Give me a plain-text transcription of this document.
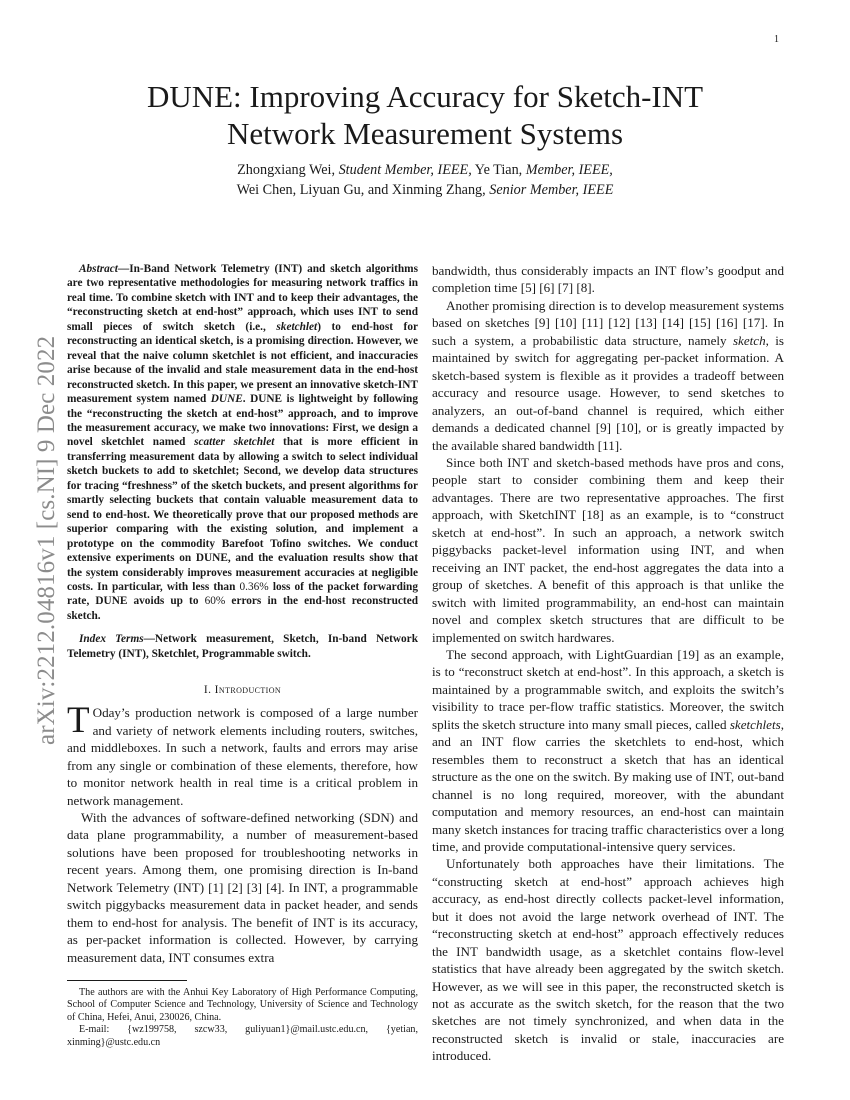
1
arXiv:2212.04816v1 [cs.NI] 9 Dec 2022
DUNE: Improving Accuracy for Sketch-INT
Network Measurement Systems
Zhongxiang Wei, Student Member, IEEE, Ye Tian, Member, IEEE,
Wei Chen, Liyuan Gu, and Xinming Zhang, Senior Member, IEEE

Abstract—In-Band Network Telemetry (INT) and sketch algorithms are two representative methodologies for measuring network traffics in real time. To combine sketch with INT and to keep their advantages, the “reconstructing sketch at end-host” approach, which uses INT to send small pieces of switch sketch (i.e., sketchlet) to end-host for reconstructing an identical sketch, is a promising direction. However, we reveal that the naive column sketchlet is not efficient, and inaccuracies arise because of the invalid and stale measurement data in the end-host reconstructed sketch. In this paper, we present an innovative sketch-INT measurement system named DUNE. DUNE is lightweight by following the “reconstructing the sketch at end-host” approach, and to improve the measurement accuracy, we make two innovations: First, we design a novel sketchlet named scatter sketchlet that is more efficient in transferring measurement data by allowing a switch to select individual sketch buckets to add to sketchlet; Second, we develop data structures for tracing “freshness” of the sketch buckets, and present algorithms for smartly selecting buckets that contain valuable measurement data to send to end-host. We theoretically prove that our proposed methods are superior comparing with the existing solution, and implement a prototype on the commodity Barefoot Tofino switches. We conduct extensive experiments on DUNE, and the evaluation results show that the system considerably improves measurement accuracies at negligible costs. In particular, with less than 0.36% loss of the packet forwarding rate, DUNE avoids up to 60% errors in the end-host reconstructed sketch.

Index Terms—Network measurement, Sketch, In-band Network Telemetry (INT), Sketchlet, Programmable switch.

I. Introduction

T Oday’s production network is composed of a large number and variety of network elements including routers, switches, and middleboxes. In such a network, faults and errors may arise from any single or combination of these elements, therefore, how to monitor network health in real time is a critical problem in network management.

With the advances of software-defined networking (SDN) and data plane programmability, a number of measurement-based solutions have been proposed for troubleshooting networks in recent years. Among them, one promising direction is In-band Network Telemetry (INT) [1] [2] [3] [4]. In INT, a programmable switch piggybacks measurement data in packet header, and sends them to end-host for analysis. The benefit of INT is its accuracy, as per-packet information is collected. However, by carrying measurement data, INT consumes extra

The authors are with the Anhui Key Laboratory of High Performance Computing, School of Computer Science and Technology, University of Science and Technology of China, Hefei, Anui, 230026, China.

E-mail: {wz199758, szcw33, guliyuan1}@mail.ustc.edu.cn, {yetian, xinming}@ustc.edu.cn

bandwidth, thus considerably impacts an INT flow’s goodput and completion time [5] [6] [7] [8].

Another promising direction is to develop measurement systems based on sketches [9] [10] [11] [12] [13] [14] [15] [16] [17]. In such a system, a probabilistic data structure, namely sketch, is maintained by switch for aggregating per-packet information. A sketch-based system is flexible as it provides a tradeoff between accuracy and resource usage. However, to send sketches to analyzers, an out-of-band channel is required, which either demands a dedicated channel [9] [10], or is greatly impacted by the available shared bandwidth [11].

Since both INT and sketch-based methods have pros and cons, people start to consider combining them and keep their advantages. There are two representative approaches. The first approach, with SketchINT [18] as an example, is to “construct sketch at end-host”. In such an approach, a network switch piggybacks packet-level information using INT, and when receiving an INT packet, the end-host aggregates the data into a group of sketches. A benefit of this approach is that unlike the switch with limited programmability, an end-host can maintain novel and complex sketch structures that are difficult to be implemented on switch hardwares.

The second approach, with LightGuardian [19] as an example, is to “reconstruct sketch at end-host”. In this approach, a sketch is maintained by a programmable switch, and exploits the switch’s visibility to trace per-flow traffic statistics. Moreover, the switch splits the sketch structure into many small pieces, called sketchlets, and an INT flow carries the sketchlets to end-host, which resembles them to reconstruct a sketch that has an identical structure as the one on the switch. By making use of INT, out-band channel is no long required, moreover, with the abundant computation and memory resources, an end-host can maintain many sketch instances for tracing traffic characteristics over a long time, and provide computational-intensive query services.

Unfortunately both approaches have their limitations. The “constructing sketch at end-host” approach achieves high accuracy, as end-host directly collects packet-level information, but it does not avoid the large network overhead of INT. The “reconstructing sketch at end-host” approach effectively reduces the INT bandwidth usage, as a sketchlet contains flow-level statistics that have already been aggregated by the switch sketch. However, as we will see in this paper, the reconstructed sketch is not as accurate as the switch sketch, for the reason that the two sketches are not timely synchronized, and when data in the reconstructed sketch is invalid or stale, inaccuracies are introduced.
